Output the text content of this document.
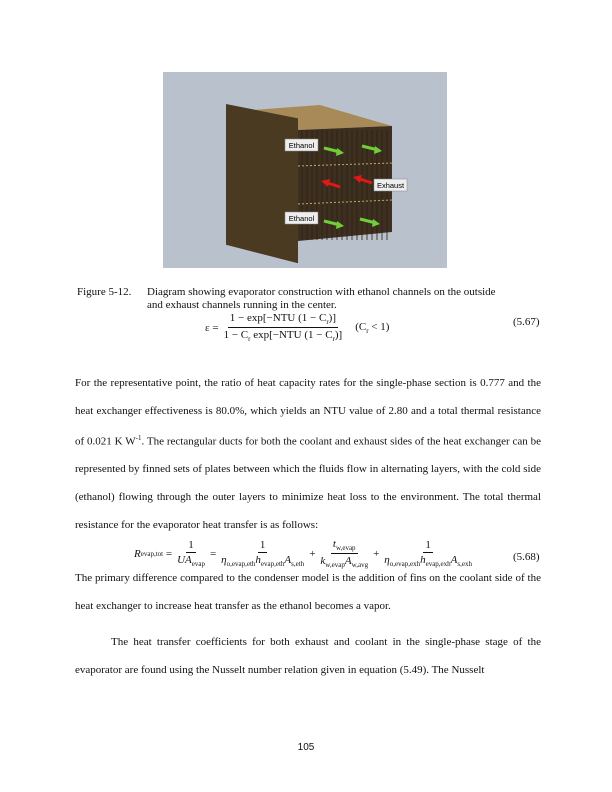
Ethanol
Exhaust
Ethanol
Figure 5-12. Diagram showing evaporator construction with ethanol channels on the outside
and exhaust channels running in the center.
$\varepsilon = \frac{1 - \exp[-NTU (1 - C_r)]}{1 - C_r \exp[-NTU (1 - C_r)]} (C_r < 1)$	(5.67)
For the representative point, the ratio of heat capacity rates for the single-phase section is 0.777 and the heat exchanger effectiveness is 80.0%, which yields an NTU value of 2.80 and a total thermal resistance of 0.021 K $W^{-1}$. The rectangular ducts for both the coolant and exhaust sides of the heat exchanger can be represented by finned sets of plates between which the fluids flow in alternating layers, with the cold side (ethanol) flowing through the outer layers to minimize heat loss to the environment. The total thermal resistance for the evaporator heat transfer is as follows:
R evap,tot = $\frac{1}{UA_{evap}} = \frac{1}{\eta_{o,evap,eth}h_{evap,eth}A_{s,eth}} + \frac{t_{w,evap}}{k_{w,evap}A_{w,avg}} + \frac{1}{\eta_{o,evap,exh}h_{evap,exh}A_{s,exh}}$	(5.68)
The primary difference compared to the condenser model is the addition of fins on the coolant side of the heat exchanger to increase heat transfer as the ethanol becomes a vapor.
The heat transfer coefficients for both exhaust and coolant in the single-phase stage of the evaporator are found using the Nusselt number relation given in equation (5.49). The Nusselt
105
